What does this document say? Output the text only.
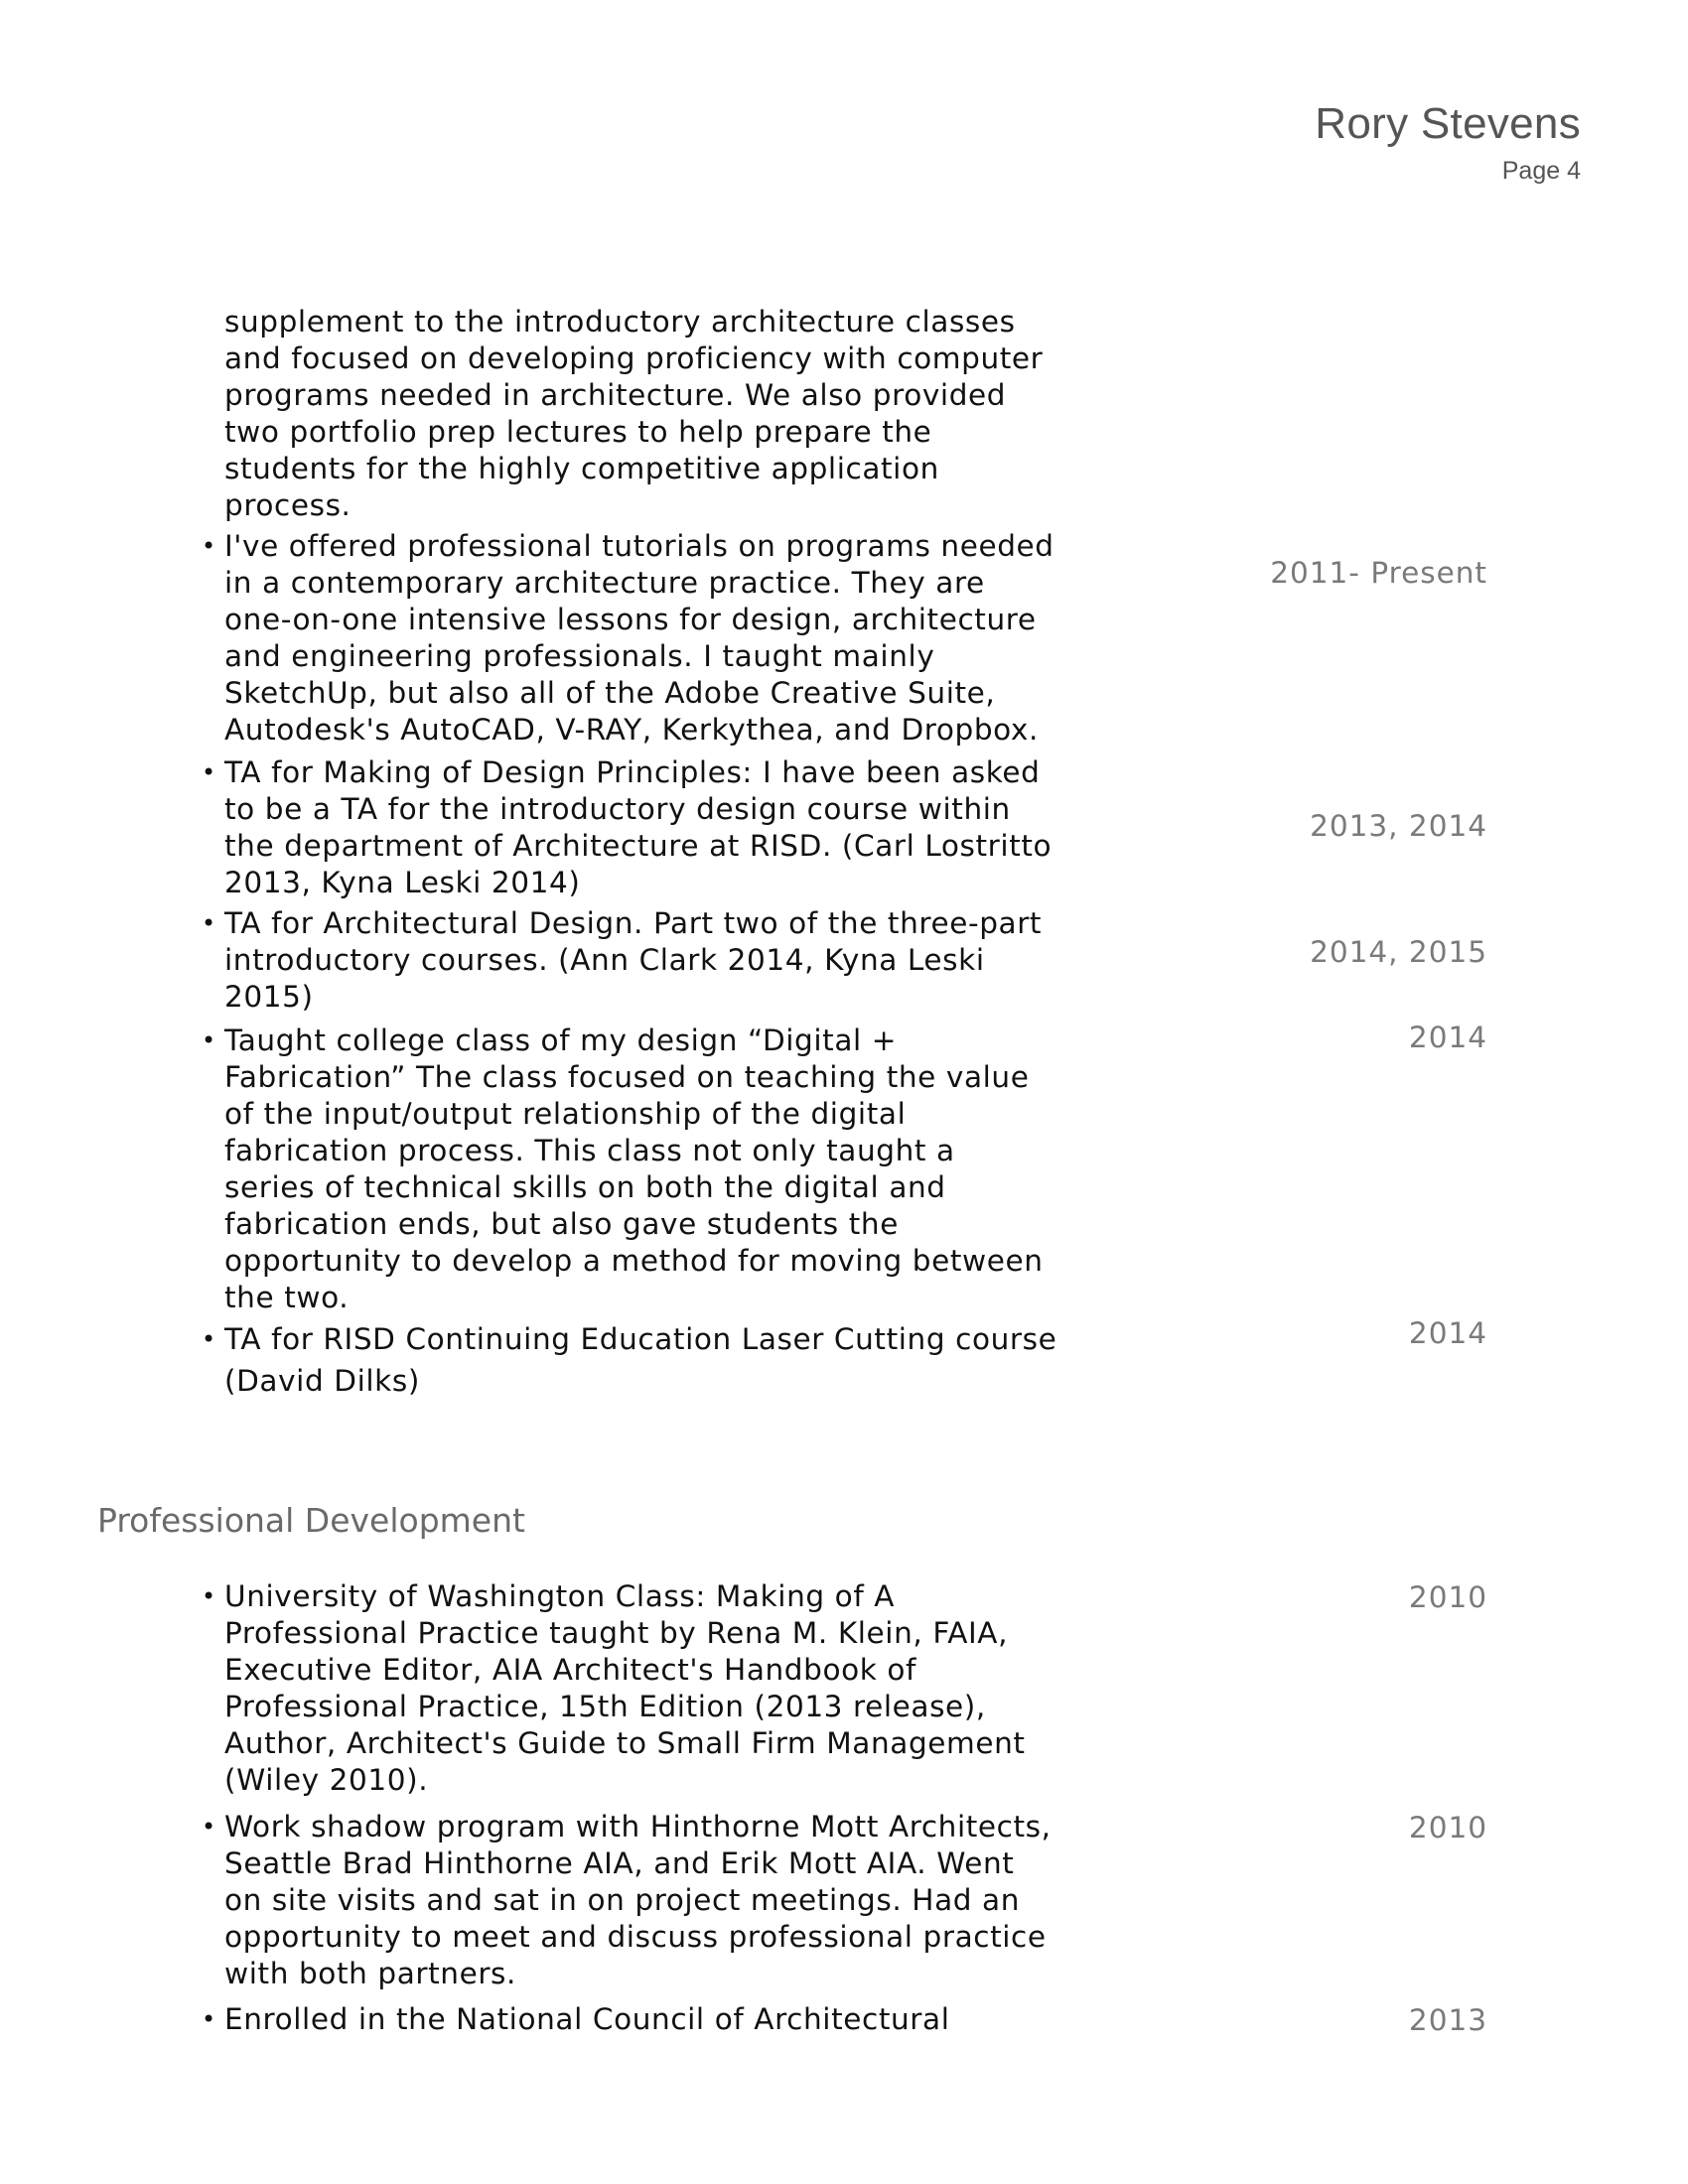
Rory Stevens
Page 4
supplement to the introductory architecture classes
and focused on developing proficiency with computer
programs needed in architecture. We also provided
two portfolio prep lectures to help prepare the
students for the highly competitive application
process.
• I've offered professional tutorials on programs needed
in a contemporary architecture practice. They are
one-on-one intensive lessons for design, architecture
and engineering professionals. I taught mainly
SketchUp, but also all of the Adobe Creative Suite,
Autodesk's AutoCAD, V-RAY, Kerkythea, and Dropbox.
2011- Present
• TA for Making of Design Principles: I have been asked
to be a TA for the introductory design course within
the department of Architecture at RISD. (Carl Lostritto
2013, Kyna Leski 2014)
2013, 2014
• TA for Architectural Design. Part two of the three-part
introductory courses. (Ann Clark 2014, Kyna Leski
2015)
2014, 2015
• Taught college class of my design “Digital +
Fabrication” The class focused on teaching the value
of the input/output relationship of the digital
fabrication process. This class not only taught a
series of technical skills on both the digital and
fabrication ends, but also gave students the
opportunity to develop a method for moving between
the two.
2014
• TA for RISD Continuing Education Laser Cutting course
(David Dilks)
2014
Professional Development
• University of Washington Class: Making of A
Professional Practice taught by Rena M. Klein, FAIA,
Executive Editor, AIA Architect's Handbook of
Professional Practice, 15th Edition (2013 release),
Author, Architect's Guide to Small Firm Management
(Wiley 2010).
2010
• Work shadow program with Hinthorne Mott Architects,
Seattle Brad Hinthorne AIA, and Erik Mott AIA. Went
on site visits and sat in on project meetings. Had an
opportunity to meet and discuss professional practice
with both partners.
2010
• Enrolled in the National Council of Architectural	2013
